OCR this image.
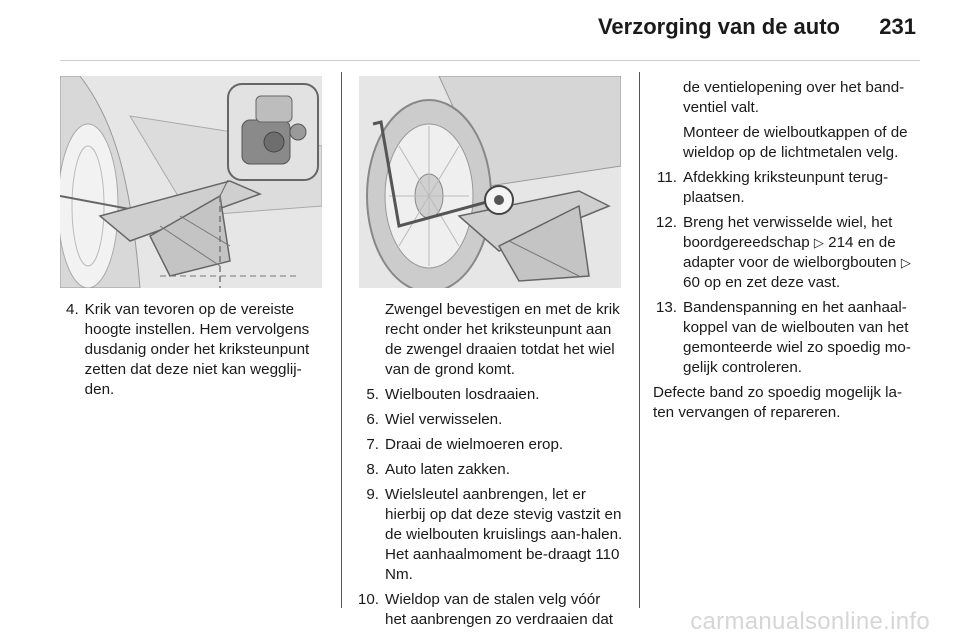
Verzorging van de auto 231
4. Krik van tevoren op de vereiste hoogte instellen. Hem vervolgens dusdanig onder het kriksteunpunt zetten dat deze niet kan wegglij-den.
Zwengel bevestigen en met de krik recht onder het kriksteunpunt aan de zwengel draaien totdat het wiel van de grond komt.
5. Wielbouten losdraaien.
6. Wiel verwisselen.
7. Draai de wielmoeren erop.
8. Auto laten zakken.
9. Wielsleutel aanbrengen, let er hierbij op dat deze stevig vastzit en de wielbouten kruislings aan-halen. Het aanhaalmoment be-draagt 110 Nm.
10. Wieldop van de stalen velg vóór het aanbrengen zo verdraaien dat
de ventielopening over het band-ventiel valt.
Monteer de wielboutkappen of de wieldop op de lichtmetalen velg.
11. Afdekking kriksteunpunt terug-plaatsen.
12. Breng het verwisselde wiel, het boordgereedschap ▷ 214 en de adapter voor de wielborgbouten ▷ 60 op en zet deze vast.
13. Bandenspanning en het aanhaal-koppel van de wielbouten van het gemonteerde wiel zo spoedig mo-gelijk controleren.
Defecte band zo spoedig mogelijk la-ten vervangen of repareren.
carmanualsonline.info
